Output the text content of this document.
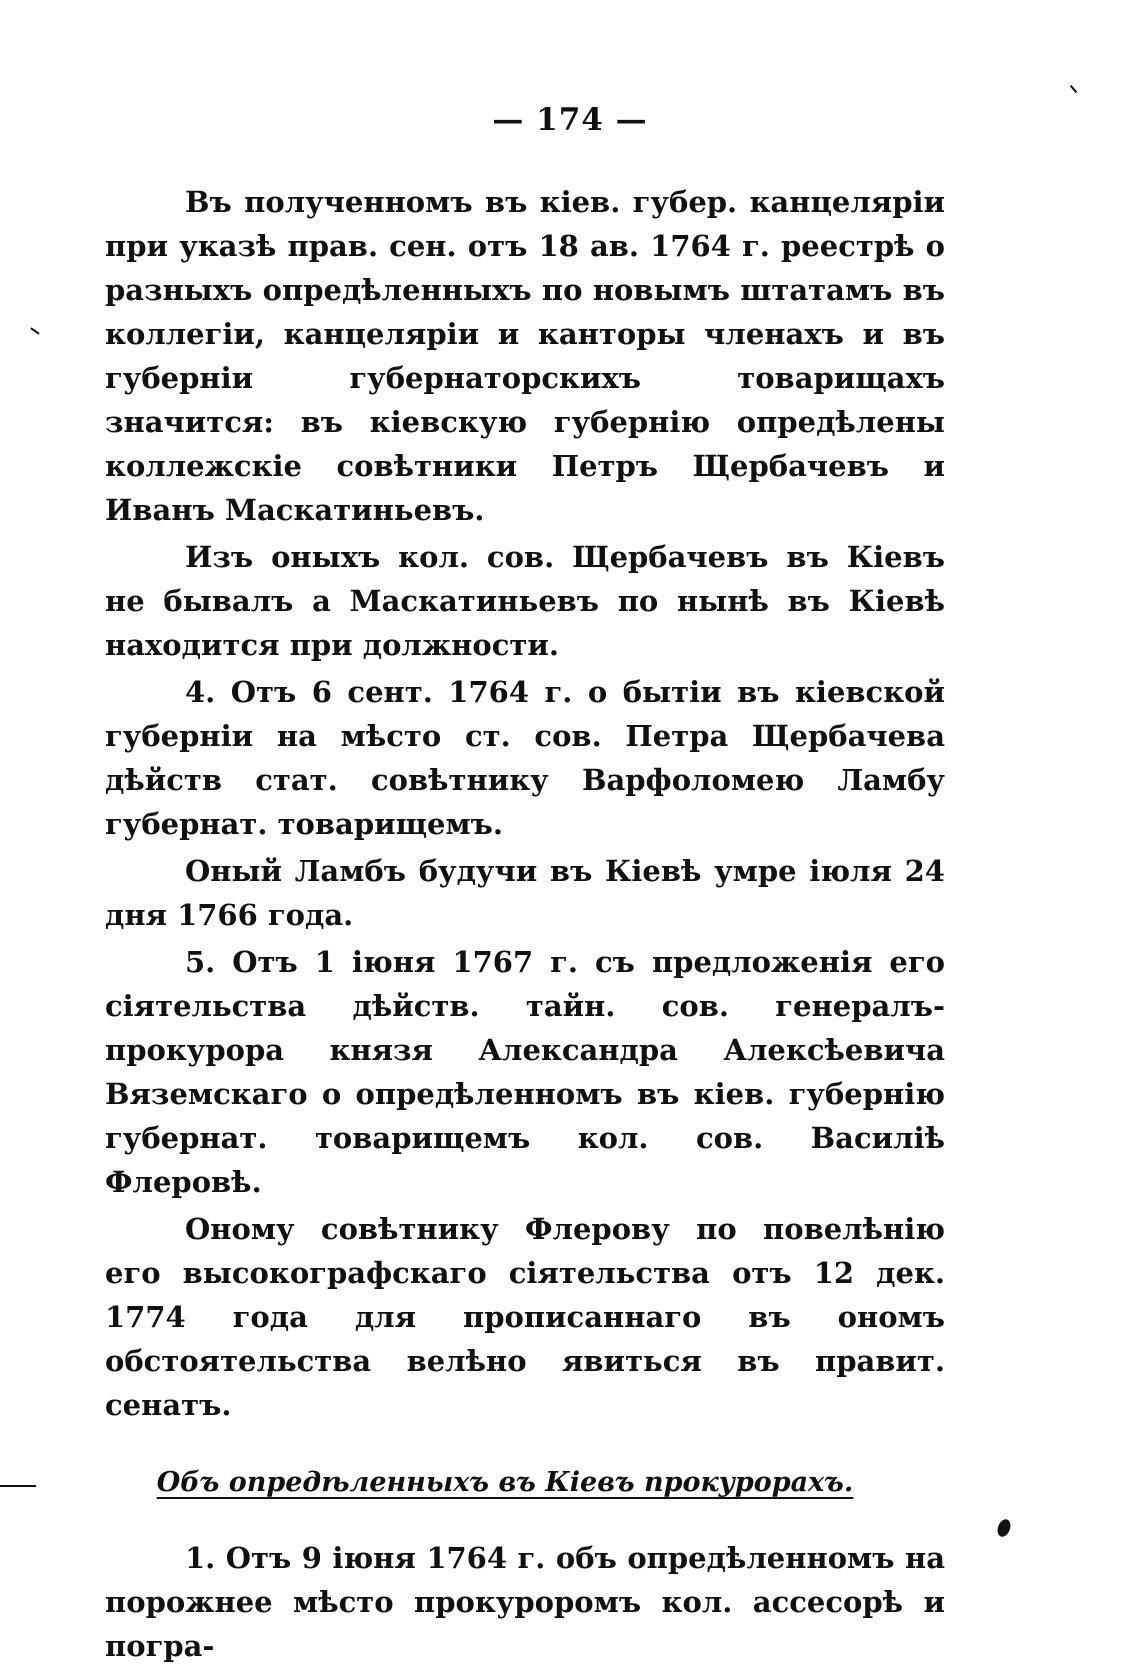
— 174 —

Въ полученномъ въ кіев. губер. канцеляріи при указѣ прав. сен. отъ 18 ав. 1764 г. реестрѣ о разныхъ опредѣленныхъ по новымъ штатамъ въ коллегіи, канцеляріи и канторы членахъ и въ губерніи губернаторскихъ товарищахъ значится: въ кіевскую губернію опредѣлены коллежскіе совѣтники Петръ Щербачевъ и Иванъ Маскатиньевъ.

Изъ оныхъ кол. сов. Щербачевъ въ Кіевъ не бывалъ а Маскатиньевъ по нынѣ въ Кіевѣ находится при должности.

4. Отъ 6 сент. 1764 г. о бытіи въ кіевской губерніи на мѣсто ст. сов. Петра Щербачева дѣйств стат. совѣтнику Варфоломею Ламбу губернат. товарищемъ.

Оный Ламбъ будучи въ Кіевѣ умре іюля 24 дня 1766 года.

5. Отъ 1 іюня 1767 г. съ предложенія его сіятельства дѣйств. тайн. сов. генералъ-прокурора князя Александра Алексѣевича Вяземскаго о опредѣленномъ въ кіев. губернію губернат. товарищемъ кол. сов. Василіѣ Флеровѣ.

Оному совѣтнику Флерову по повелѣнію его высокографскаго сіятельства отъ 12 дек. 1774 года для прописаннаго въ ономъ обстоятельства велѣно явиться въ правит. сенатъ.

Объ опредѣленныхъ въ Кіевъ прокурорахъ.

1. Отъ 9 іюня 1764 г. объ опредѣленномъ на порожнее мѣсто прокуроромъ кол. ассесорѣ и погра-
